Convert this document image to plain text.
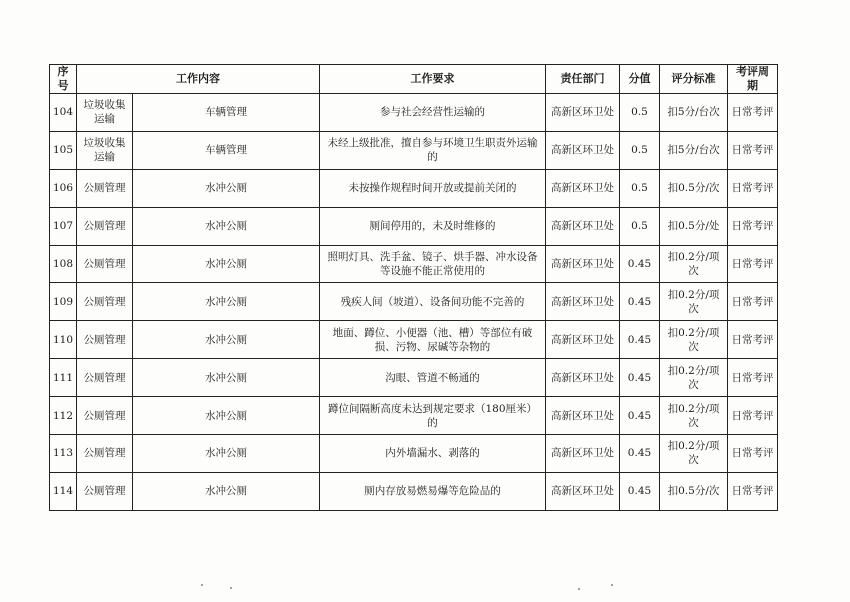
序号	工作内容		工作要求	责任部门	分值	评分标准	考评周期
104	垃圾收集运输	车辆管理	参与社会经营性运输的	高新区环卫处	0.5	扣5分/台次	日常考评
105	垃圾收集运输	车辆管理	未经上级批准，擅自参与环境卫生职责外运输的	高新区环卫处	0.5	扣5分/台次	日常考评
106	公厕管理	水冲公厕	未按操作规程时间开放或提前关闭的	高新区环卫处	0.5	扣0.5分/次	日常考评
107	公厕管理	水冲公厕	厕间停用的，未及时维修的	高新区环卫处	0.5	扣0.5分/处	日常考评
108	公厕管理	水冲公厕	照明灯具、洗手盆、镜子、烘手器、冲水设备等设施不能正常使用的	高新区环卫处	0.45	扣0.2分/项次	日常考评
109	公厕管理	水冲公厕	残疾人间（坡道）、设备间功能不完善的	高新区环卫处	0.45	扣0.2分/项次	日常考评
110	公厕管理	水冲公厕	地面、蹲位、小便器（池、槽）等部位有破损、污物、尿碱等杂物的	高新区环卫处	0.45	扣0.2分/项次	日常考评
111	公厕管理	水冲公厕	沟眼、管道不畅通的	高新区环卫处	0.45	扣0.2分/项次	日常考评
112	公厕管理	水冲公厕	蹲位间隔断高度未达到规定要求（180厘米）的	高新区环卫处	0.45	扣0.2分/项次	日常考评
113	公厕管理	水冲公厕	内外墙漏水、剥落的	高新区环卫处	0.45	扣0.2分/项次	日常考评
114	公厕管理	水冲公厕	厕内存放易燃易爆等危险品的	高新区环卫处	0.45	扣0.5分/次	日常考评
